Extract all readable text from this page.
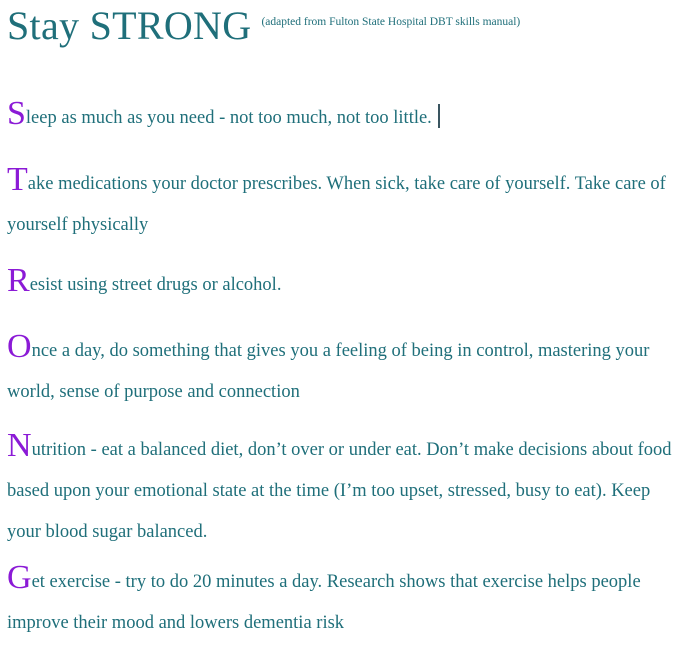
Stay STRONG $^{(adapted from Fulton State Hospital DBT skills manual)}$
Sleep as much as you need - not too much, not too little.
Take medications your doctor prescribes. When sick, take care of yourself. Take care of yourself physically
Resist using street drugs or alcohol.
Once a day, do something that gives you a feeling of being in control, mastering your world, sense of purpose and connection
Nutrition - eat a balanced diet, don’t over or under eat. Don’t make decisions about food based upon your emotional state at the time (I’m too upset, stressed, busy to eat). Keep your blood sugar balanced.
Get exercise - try to do 20 minutes a day. Research shows that exercise helps people improve their mood and lowers dementia risk
